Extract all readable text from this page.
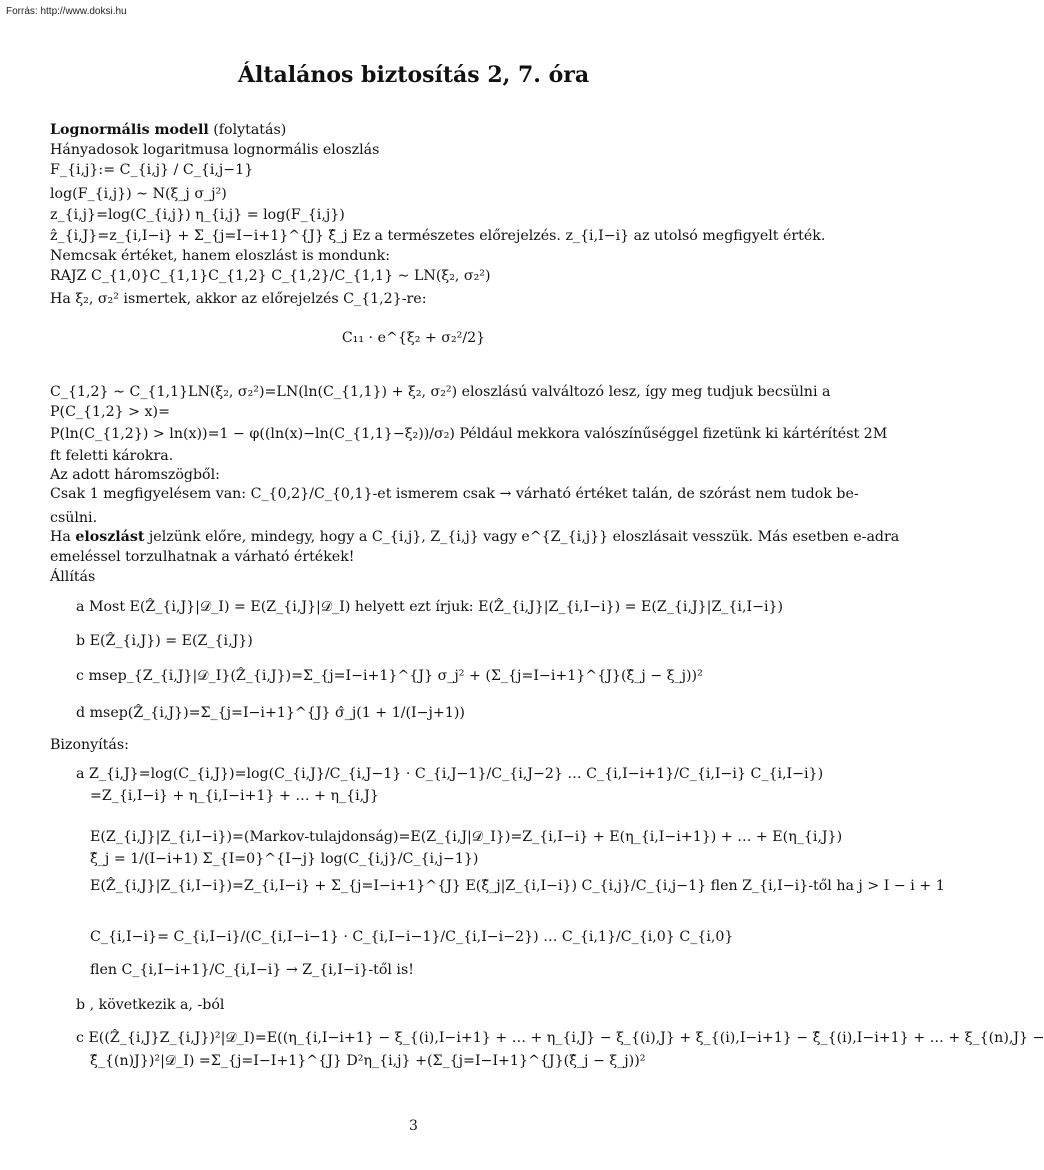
Forrás: http://www.doksi.hu
Általános biztosítás 2, 7. óra
Lognormális modell (folytatás)
Hányadosok logaritmusa lognormális eloszlás
F_{i,j}:= C_{i,j} / C_{i,j−1}
log(F_{i,j}) ∼ N(ξ_j σ_j²)
z_{i,j}=log(C_{i,j}) η_{i,j} = log(F_{i,j})
ẑ_{i,J}=z_{i,I−i} + Σ_{j=I−i+1}^{J} ξ̂_j Ez a természetes előrejelzés. z_{i,I−i} az utolsó megfigyelt érték.
Nemcsak értéket, hanem eloszlást is mondunk:
RAJZ C_{1,0}C_{1,1}C_{1,2} C_{1,2}/C_{1,1} ∼ LN(ξ₂, σ₂²)
Ha ξ₂, σ₂² ismertek, akkor az előrejelzés C_{1,2}-re:
C₁₁ · e^{ξ₂ + σ₂²/2}
C_{1,2} ∼ C_{1,1}LN(ξ₂, σ₂²)=LN(ln(C_{1,1}) + ξ₂, σ₂²) eloszlású valváltozó lesz, így meg tudjuk becsülni a
P(C_{1,2} > x)=
P(ln(C_{1,2}) > ln(x))=1 − φ((ln(x)−ln(C_{1,1}−ξ₂))/σ₂) Például mekkora valószínűséggel fizetünk ki kártérítést 2M
ft feletti károkra.
Az adott háromszögből:
Csak 1 megfigyelésem van: C_{0,2}/C_{0,1}-et ismerem csak → várható értéket talán, de szórást nem tudok be-
csülni.
Ha eloszlást jelzünk előre, mindegy, hogy a C_{i,j}, Z_{i,j} vagy e^{Z_{i,j}} eloszlásait vesszük. Más esetben e-adra
emeléssel torzulhatnak a várható értékek!
Állítás
a Most E(Ẑ_{i,J}|𝒟_I) = E(Z_{i,J}|𝒟_I) helyett ezt írjuk: E(Ẑ_{i,J}|Z_{i,I−i}) = E(Z_{i,J}|Z_{i,I−i})
b E(Ẑ_{i,J}) = E(Z_{i,J})
c msep_{Z_{i,J}|𝒟_I}(Ẑ_{i,J})=Σ_{j=I−i+1}^{J} σ_j² + (Σ_{j=I−i+1}^{J}(ξ̂_j − ξ_j))²
d msep(Ẑ_{i,J})=Σ_{j=I−i+1}^{J} σ̂_j(1 + 1/(I−j+1))
Bizonyítás:
a Z_{i,J}=log(C_{i,J})=log(C_{i,J}/C_{i,J−1} · C_{i,J−1}/C_{i,J−2} … C_{i,I−i+1}/C_{i,I−i} C_{i,I−i})
=Z_{i,I−i} + η_{i,I−i+1} + … + η_{i,J}
E(Z_{i,J}|Z_{i,I−i})=(Markov-tulajdonság)=E(Z_{i,J|𝒟_I})=Z_{i,I−i} + E(η_{i,I−i+1}) + … + E(η_{i,J})
ξ̂_j = 1/(I−i+1) Σ_{I=0}^{I−j} log(C_{i,j}/C_{i,j−1})
E(Ẑ_{i,J}|Z_{i,I−i})=Z_{i,I−i} + Σ_{j=I−i+1}^{J} E(ξ̂_j|Z_{i,I−i}) C_{i,j}/C_{i,j−1} flen Z_{i,I−i}-től ha j > I − i + 1
C_{i,I−i}= C_{i,I−i}/(C_{i,I−i−1} · C_{i,I−i−1}/C_{i,I−i−2}) … C_{i,1}/C_{i,0} C_{i,0}
flen C_{i,I−i+1}/C_{i,I−i} → Z_{i,I−i}-től is!
b , következik a, -ból
c E((Ẑ_{i,J}Z_{i,J})²|𝒟_I)=E((η_{i,I−i+1} − ξ_{(i),I−i+1} + … + η_{i,J} − ξ_{(i),J} + ξ_{(i),I−i+1} − ξ̂_{(i),I−i+1} + … + ξ_{(n),J} −
ξ̂_{(n)J})²|𝒟_I) =Σ_{j=I−I+1}^{J} D²η_{i,j} +(Σ_{j=I−I+1}^{J}(ξ̂_j − ξ_j))²
3
